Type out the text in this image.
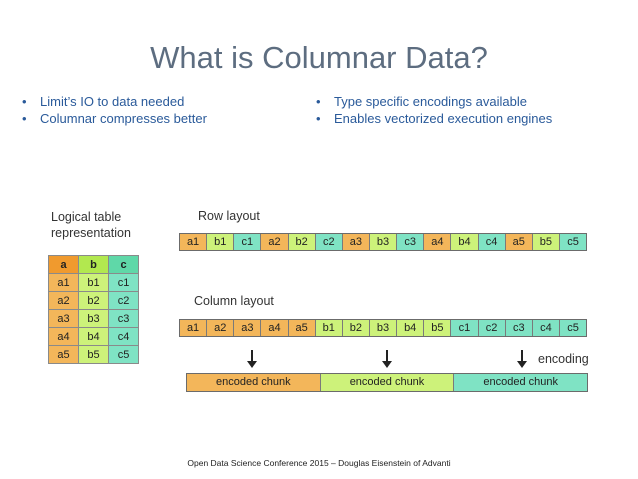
What is Columnar Data?
• Limit’s IO to data needed
• Columnar compresses better
• Type specific encodings available
• Enables vectorized execution engines
Logical table
representation
a	b	c
a1	b1	c1
a2	b2	c2
a3	b3	c3
a4	b4	c4
a5	b5	c5
Row layout
a1	b1	c1	a2	b2	c2	a3	b3	c3	a4	b4	c4	a5	b5	c5
Column layout
a1	a2	a3	a4	a5	b1	b2	b3	b4	b5	c1	c2	c3	c4	c5
encoding
encoded chunk	encoded chunk	encoded chunk
Open Data Science Conference 2015 – Douglas Eisenstein of Advanti
